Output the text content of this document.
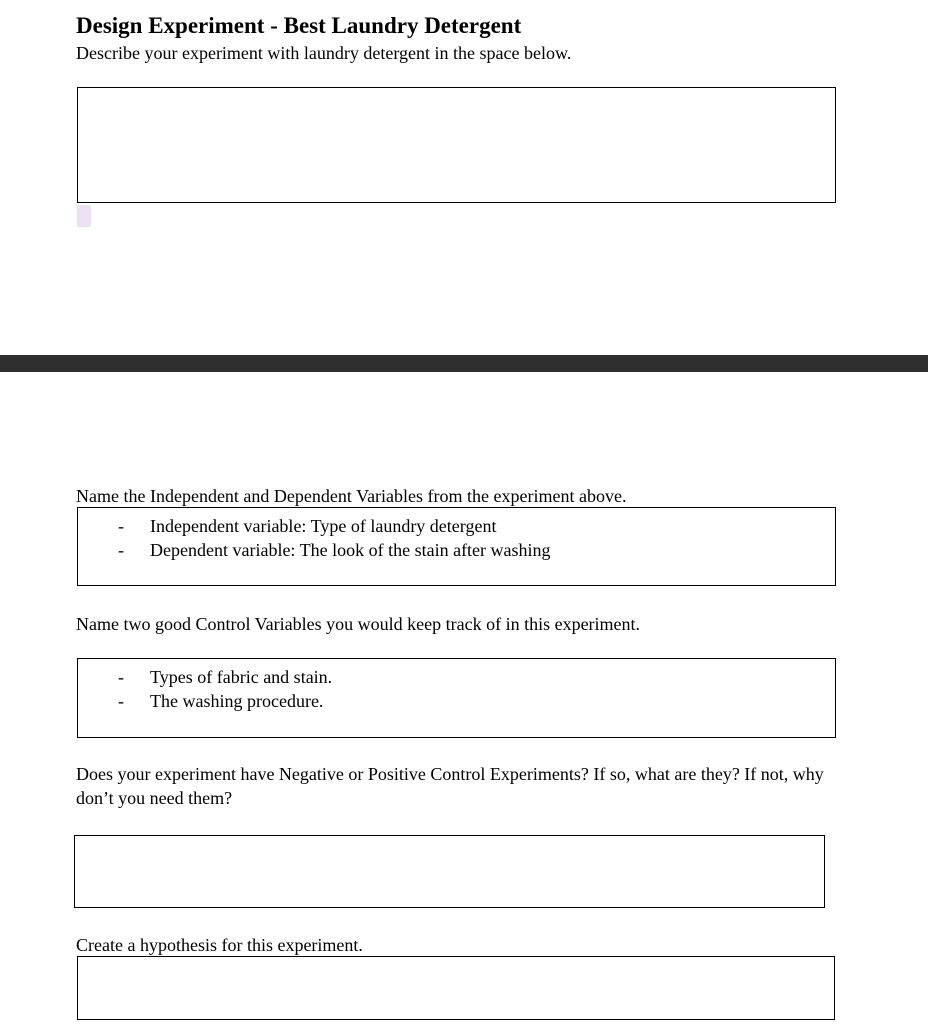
Design Experiment - Best Laundry Detergent
Describe your experiment with laundry detergent in the space below.
Name the Independent and Dependent Variables from the experiment above.
- Independent variable: Type of laundry detergent
- Dependent variable: The look of the stain after washing
Name two good Control Variables you would keep track of in this experiment.
- Types of fabric and stain.
- The washing procedure.
Does your experiment have Negative or Positive Control Experiments? If so, what are they? If not, why don’t you need them?
Create a hypothesis for this experiment.
